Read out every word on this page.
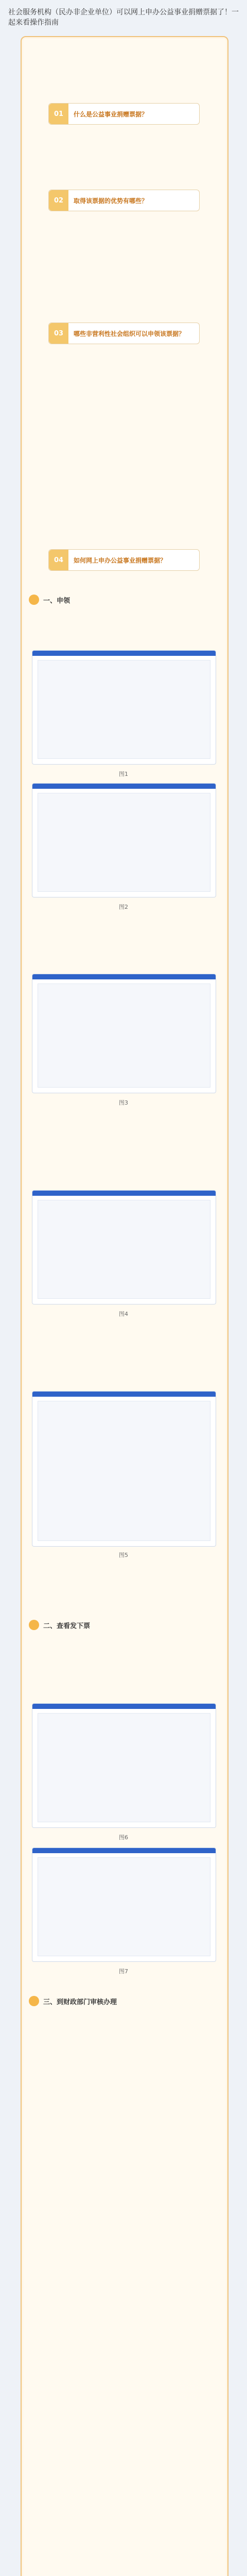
社会服务机构（民办非企业单位）可以网上申办公益事业捐赠票据了！一起来看操作指南
01	什么是公益事业捐赠票据？
02	取得该票据的优势有哪些？
03	哪些非营利性社会组织可以申领该票据？
04	如何网上申办公益事业捐赠票据？
一、申领
图1
图2
图3
图4
图5
二、查看发下票
图6
图7
三、到财政部门审核办理
